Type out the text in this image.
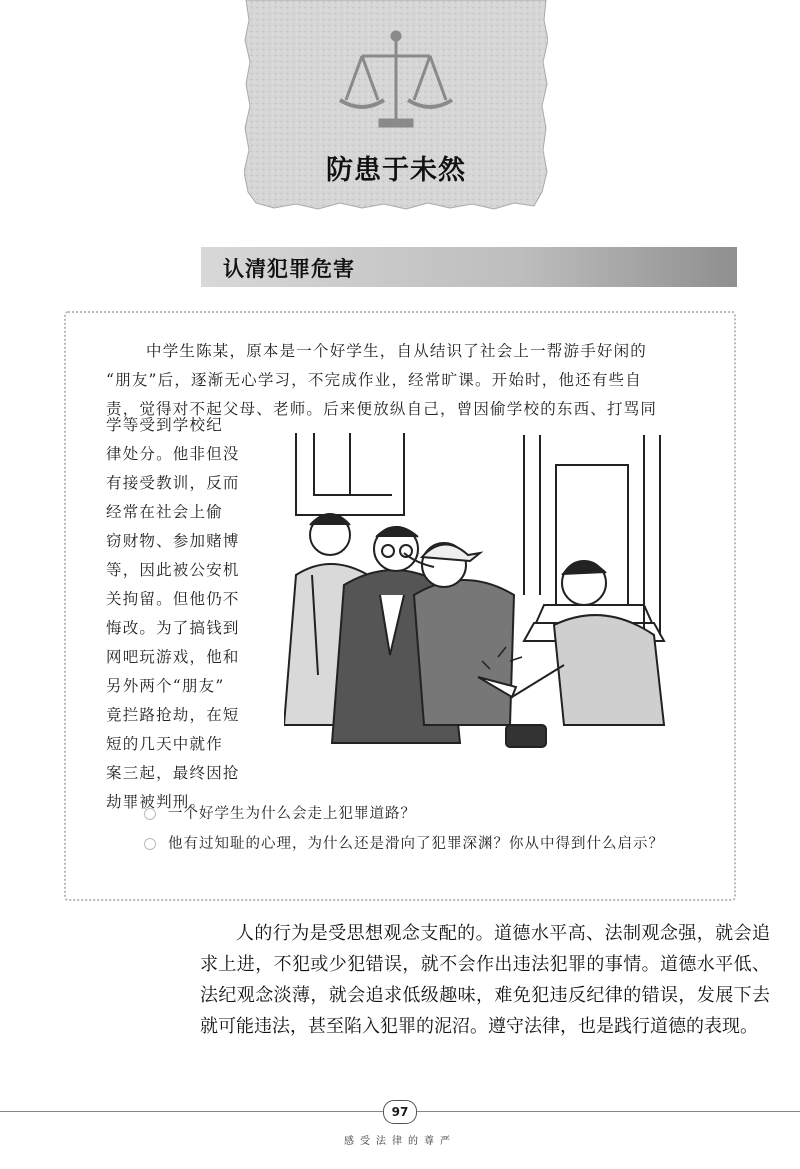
防患于未然
认清犯罪危害

中学生陈某，原本是一个好学生，自从结识了社会上一帮游手好闲的

“朋友”后，逐渐无心学习，不完成作业，经常旷课。开始时，他还有些自

责，觉得对不起父母、老师。后来便放纵自己，曾因偷学校的东西、打骂同

学等受到学校纪

律处分。他非但没

有接受教训，反而

经常在社会上偷

窃财物、参加赌博

等，因此被公安机

关拘留。但他仍不

悔改。为了搞钱到

网吧玩游戏，他和

另外两个“朋友”

竟拦路抢劫，在短

短的几天中就作

案三起，最终因抢

劫罪被判刑。

一个好学生为什么会走上犯罪道路？
他有过知耻的心理，为什么还是滑向了犯罪深渊？你从中得到什么启示？
人的行为是受思想观念支配的。道德水平高、法制观念强，就会追求上进，不犯或少犯错误，就不会作出违法犯罪的事情。道德水平低、法纪观念淡薄，就会追求低级趣味，难免犯违反纪律的错误，发展下去就可能违法，甚至陷入犯罪的泥沼。遵守法律，也是践行道德的表现。
97
感受法律的尊严
